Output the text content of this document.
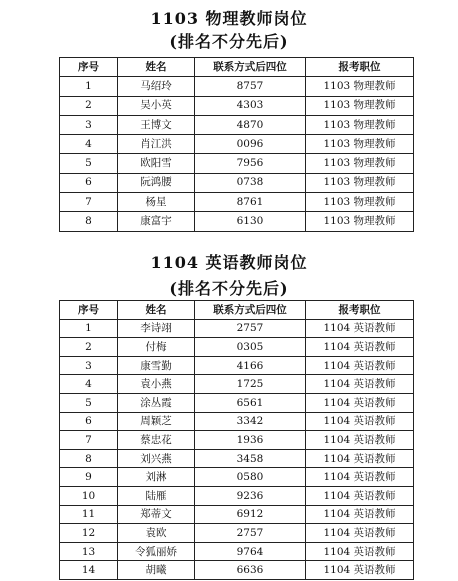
1103 物理教师岗位
(排名不分先后)
序号	姓名	联系方式后四位	报考职位
1	马绍玲	8757	1103 物理教师
2	吴小英	4303	1103 物理教师
3	王博文	4870	1103 物理教师
4	肖江洪	0096	1103 物理教师
5	欧阳雪	7956	1103 物理教师
6	阮鸿腰	0738	1103 物理教师
7	杨星	8761	1103 物理教师
8	康富宇	6130	1103 物理教师
1104 英语教师岗位
(排名不分先后)
序号	姓名	联系方式后四位	报考职位
1	李诗翊	2757	1104 英语教师
2	付梅	0305	1104 英语教师
3	康雪勤	4166	1104 英语教师
4	袁小燕	1725	1104 英语教师
5	涂丛霞	6561	1104 英语教师
6	周颖芝	3342	1104 英语教师
7	蔡忠花	1936	1104 英语教师
8	刘兴燕	3458	1104 英语教师
9	刘淋	0580	1104 英语教师
10	陆雁	9236	1104 英语教师
11	郑蒂文	6912	1104 英语教师
12	袁欧	2757	1104 英语教师
13	令狐丽娇	9764	1104 英语教师
14	胡曦	6636	1104 英语教师
